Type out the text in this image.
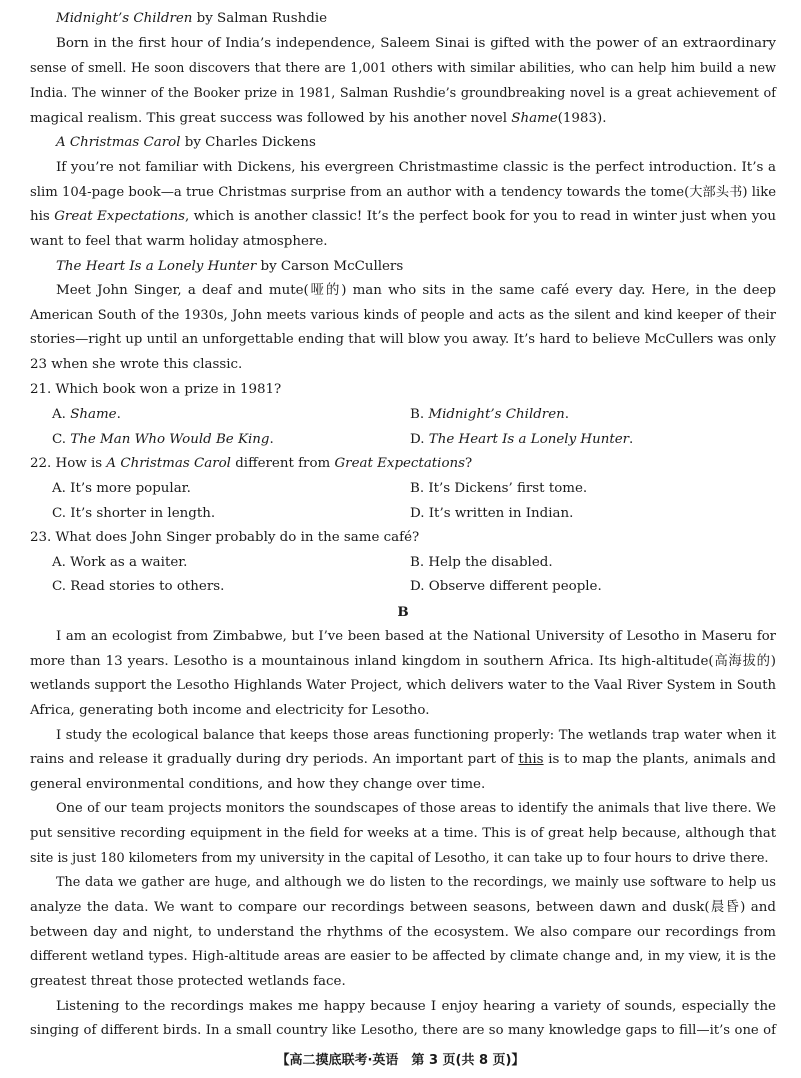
Midnight’s Children by Salman Rushdie
Born in the first hour of India’s independence, Saleem Sinai is gifted with the power of an extraordinary
sense of smell. He soon discovers that there are 1,001 others with similar abilities, who can help him build a new
India. The winner of the Booker prize in 1981, Salman Rushdie’s groundbreaking novel is a great achievement of
magical realism. This great success was followed by his another novel Shame(1983).
A Christmas Carol by Charles Dickens
If you’re not familiar with Dickens, his evergreen Christmastime classic is the perfect introduction. It’s a
slim 104-page book—a true Christmas surprise from an author with a tendency towards the tome(大部头书) like
his Great Expectations, which is another classic! It’s the perfect book for you to read in winter just when you
want to feel that warm holiday atmosphere.
The Heart Is a Lonely Hunter by Carson McCullers
Meet John Singer, a deaf and mute(哑的) man who sits in the same café every day. Here, in the deep
American South of the 1930s, John meets various kinds of people and acts as the silent and kind keeper of their
stories—right up until an unforgettable ending that will blow you away. It’s hard to believe McCullers was only
23 when she wrote this classic.
21. Which book won a prize in 1981?
A. Shame.	B. Midnight’s Children.
C. The Man Who Would Be King.	D. The Heart Is a Lonely Hunter.
22. How is A Christmas Carol different from Great Expectations?
A. It’s more popular.	B. It’s Dickens’ first tome.
C. It’s shorter in length.	D. It’s written in Indian.
23. What does John Singer probably do in the same café?
A. Work as a waiter.	B. Help the disabled.
C. Read stories to others.	D. Observe different people.
B
I am an ecologist from Zimbabwe, but I’ve been based at the National University of Lesotho in Maseru for
more than 13 years. Lesotho is a mountainous inland kingdom in southern Africa. Its high-altitude(高海拔的)
wetlands support the Lesotho Highlands Water Project, which delivers water to the Vaal River System in South
Africa, generating both income and electricity for Lesotho.
I study the ecological balance that keeps those areas functioning properly: The wetlands trap water when it
rains and release it gradually during dry periods. An important part of this is to map the plants, animals and
general environmental conditions, and how they change over time.
One of our team projects monitors the soundscapes of those areas to identify the animals that live there. We
put sensitive recording equipment in the field for weeks at a time. This is of great help because, although that
site is just 180 kilometers from my university in the capital of Lesotho, it can take up to four hours to drive there.
The data we gather are huge, and although we do listen to the recordings, we mainly use software to help us
analyze the data. We want to compare our recordings between seasons, between dawn and dusk(晨昏) and
between day and night, to understand the rhythms of the ecosystem. We also compare our recordings from
different wetland types. High-altitude areas are easier to be affected by climate change and, in my view, it is the
greatest threat those protected wetlands face.
Listening to the recordings makes me happy because I enjoy hearing a variety of sounds, especially the
singing of different birds. In a small country like Lesotho, there are so many knowledge gaps to fill—it’s one of
【高二摸底联考·英语　第 3 页(共 8 页)】
